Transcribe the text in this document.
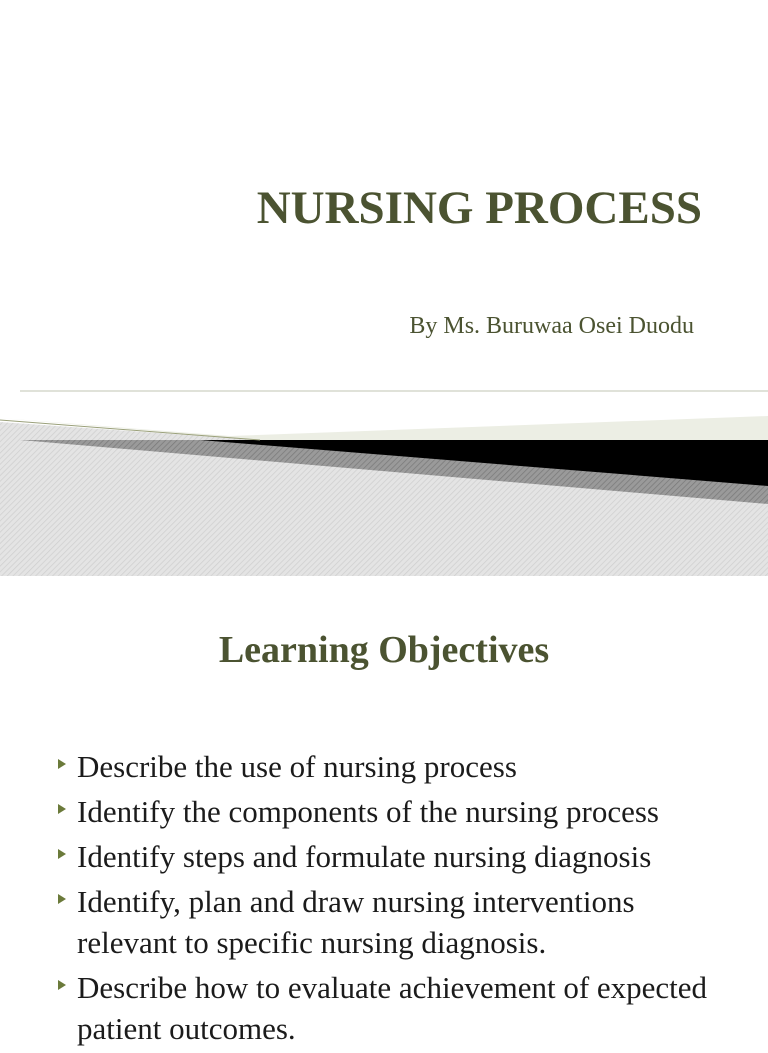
NURSING PROCESS
By Ms. Buruwaa Osei Duodu
Learning Objectives
Describe the use of nursing process
Identify the components of the nursing process
Identify steps and formulate nursing diagnosis
Identify, plan and draw nursing interventions relevant to specific nursing diagnosis.
Describe how to evaluate achievement of expected patient outcomes.
